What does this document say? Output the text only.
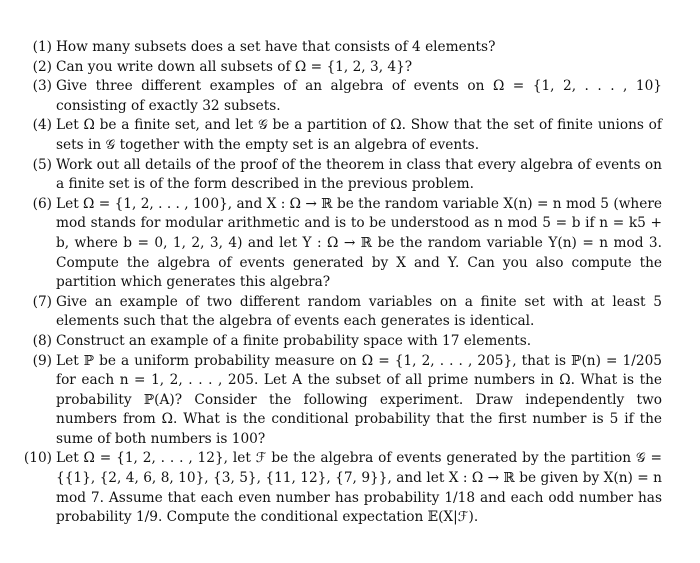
(1) How many subsets does a set have that consists of 4 elements?
(2) Can you write down all subsets of Ω = {1, 2, 3, 4}?
(3) Give three different examples of an algebra of events on Ω = {1, 2, . . . , 10} consisting of exactly 32 subsets.
(4) Let Ω be a finite set, and let 𝒢 be a partition of Ω. Show that the set of finite unions of sets in 𝒢 together with the empty set is an algebra of events.
(5) Work out all details of the proof of the theorem in class that every algebra of events on a finite set is of the form described in the previous problem.
(6) Let Ω = {1, 2, . . . , 100}, and X : Ω → ℝ be the random variable X(n) = n mod 5 (where mod stands for modular arithmetic and is to be understood as n mod 5 = b if n = k5 + b, where b = 0, 1, 2, 3, 4) and let Y : Ω → ℝ be the random variable Y(n) = n mod 3. Compute the algebra of events generated by X and Y. Can you also compute the partition which generates this algebra?
(7) Give an example of two different random variables on a finite set with at least 5 elements such that the algebra of events each generates is identical.
(8) Construct an example of a finite probability space with 17 elements.
(9) Let ℙ be a uniform probability measure on Ω = {1, 2, . . . , 205}, that is ℙ(n) = 1/205 for each n = 1, 2, . . . , 205. Let A the subset of all prime numbers in Ω. What is the probability ℙ(A)? Consider the following experiment. Draw independently two numbers from Ω. What is the conditional probability that the first number is 5 if the sume of both numbers is 100?
(10) Let Ω = {1, 2, . . . , 12}, let ℱ be the algebra of events generated by the partition 𝒢 = {{1}, {2, 4, 6, 8, 10}, {3, 5}, {11, 12}, {7, 9}}, and let X : Ω → ℝ be given by X(n) = n mod 7. Assume that each even number has probability 1/18 and each odd number has probability 1/9. Compute the conditional expectation 𝔼(X|ℱ).
